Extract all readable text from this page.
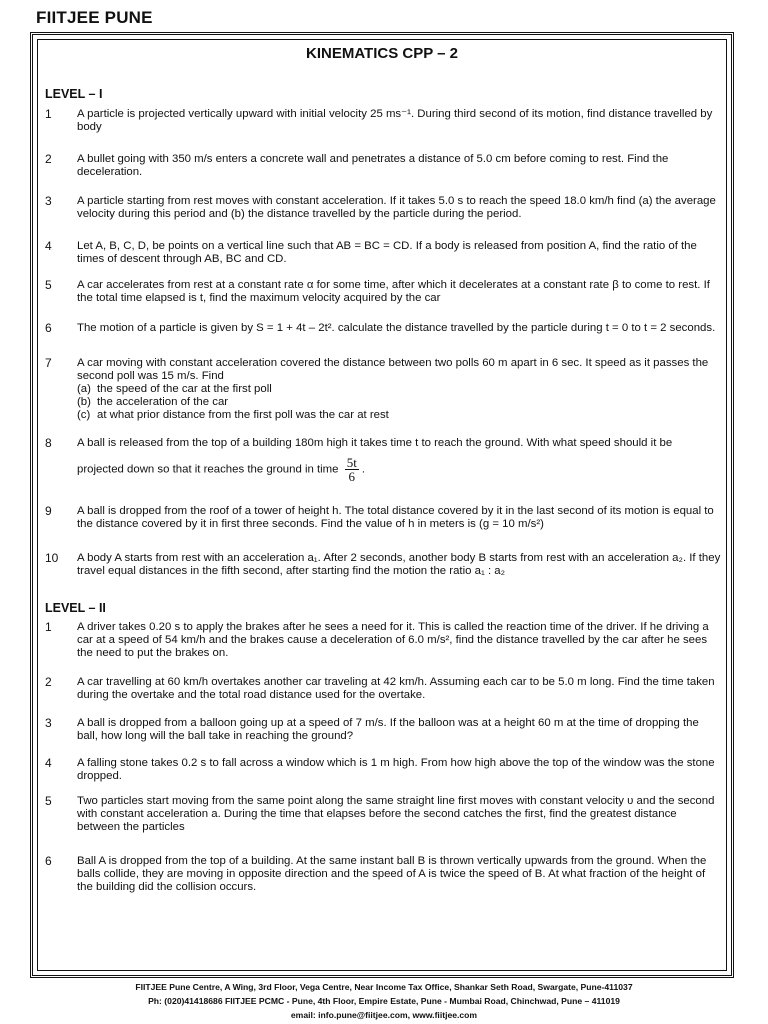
FIITJEE PUNE
KINEMATICS CPP – 2
LEVEL – I
1	A particle is projected vertically upward with initial velocity 25 ms⁻¹. During third second of its motion, find distance travelled by body
2	A bullet going with 350 m/s enters a concrete wall and penetrates a distance of 5.0 cm before coming to rest. Find the deceleration.
3	A particle starting from rest moves with constant acceleration. If it takes 5.0 s to reach the speed 18.0 km/h find (a) the average velocity during this period and (b) the distance travelled by the particle during the period.
4	Let A, B, C, D, be points on a vertical line such that AB = BC = CD. If a body is released from position A, find the ratio of the times of descent through AB, BC and CD.
5	A car accelerates from rest at a constant rate α for some time, after which it decelerates at a constant rate β to come to rest. If the total time elapsed is t, find the maximum velocity acquired by the car
6	The motion of a particle is given by S = 1 + 4t – 2t². calculate the distance travelled by the particle during t = 0 to t = 2 seconds.
7	A car moving with constant acceleration covered the distance between two polls 60 m apart in 6 sec. It speed as it passes the second poll was 15 m/s. Find
(a) the speed of the car at the first poll
(b) the acceleration of the car
(c) at what prior distance from the first poll was the car at rest
8	A ball is released from the top of a building 180m high it takes time t to reach the ground. With what speed should it be
projected down so that it reaches the ground in time $\frac{5t}{6}$ .
9	A ball is dropped from the roof of a tower of height h. The total distance covered by it in the last second of its motion is equal to the distance covered by it in first three seconds. Find the value of h in meters is (g = 10 m/s²)
10	A body A starts from rest with an acceleration a₁. After 2 seconds, another body B starts from rest with an acceleration a₂. If they travel equal distances in the fifth second, after starting find the motion the ratio a₁ : a₂
LEVEL – II
1	A driver takes 0.20 s to apply the brakes after he sees a need for it. This is called the reaction time of the driver. If he driving a car at a speed of 54 km/h and the brakes cause a deceleration of 6.0 m/s², find the distance travelled by the car after he sees the need to put the brakes on.
2	A car travelling at 60 km/h overtakes another car traveling at 42 km/h. Assuming each car to be 5.0 m long. Find the time taken during the overtake and the total road distance used for the overtake.
3	A ball is dropped from a balloon going up at a speed of 7 m/s. If the balloon was at a height 60 m at the time of dropping the ball, how long will the ball take in reaching the ground?
4	A falling stone takes 0.2 s to fall across a window which is 1 m high. From how high above the top of the window was the stone dropped.
5	Two particles start moving from the same point along the same straight line first moves with constant velocity υ and the second with constant acceleration a. During the time that elapses before the second catches the first, find the greatest distance between the particles
6	Ball A is dropped from the top of a building. At the same instant ball B is thrown vertically upwards from the ground. When the balls collide, they are moving in opposite direction and the speed of A is twice the speed of B. At what fraction of the height of the building did the collision occurs.
FIITJEE Pune Centre, A Wing, 3rd Floor, Vega Centre, Near Income Tax Office, Shankar Seth Road, Swargate, Pune-411037
Ph: (020)41418686 FIITJEE PCMC - Pune, 4th Floor, Empire Estate, Pune - Mumbai Road, Chinchwad, Pune – 411019
email: info.pune@fiitjee.com, www.fiitjee.com
